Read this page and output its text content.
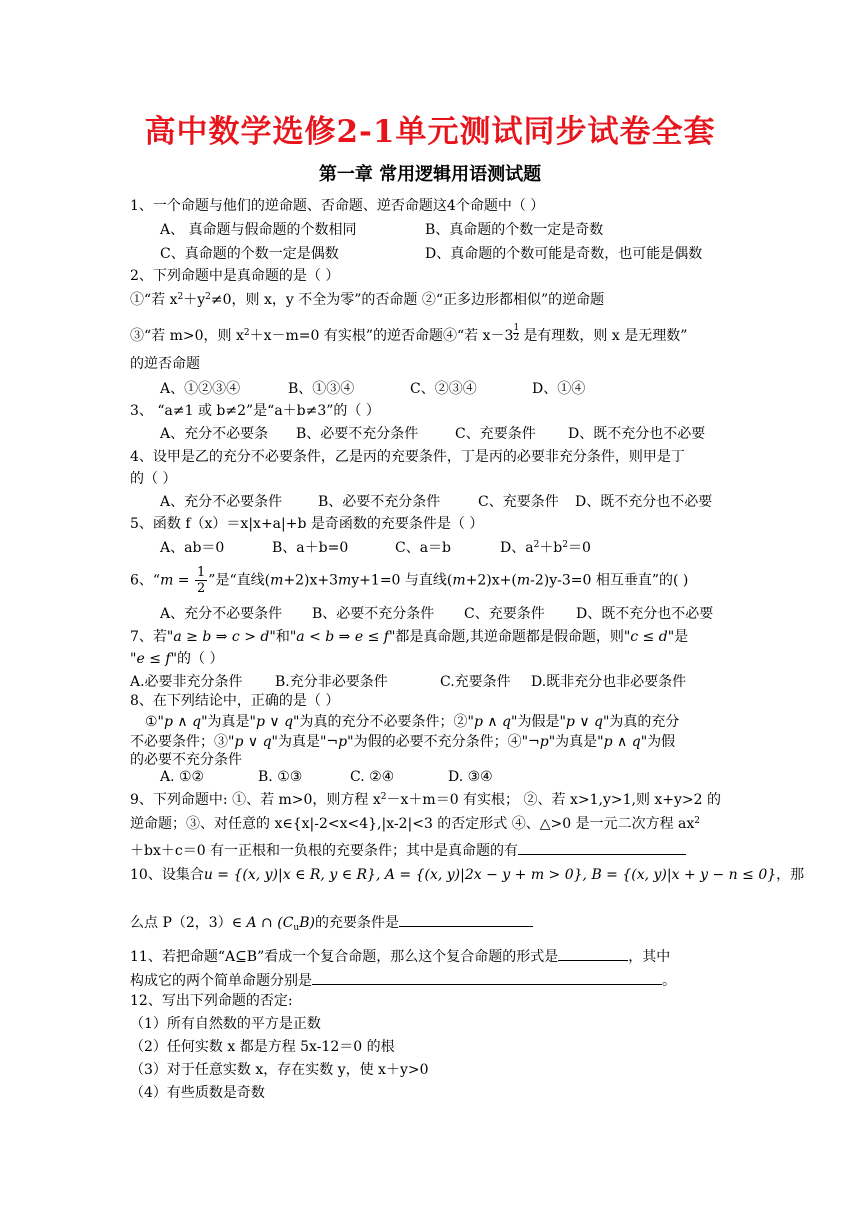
高中数学选修2-1单元测试同步试卷全套
第一章 常用逻辑用语测试题
1、一个命题与他们的逆命题、否命题、逆否命题这4个命题中（ ）
A、 真命题与假命题的个数相同	B、真命题的个数一定是奇数
C、真命题的个数一定是偶数	D、真命题的个数可能是奇数，也可能是偶数
2、下列命题中是真命题的是（ ）
①“若 $x^2+y^2\ne 0$，则 x，y 不全为零”的否命题 ②“正多边形都相似”的逆命题
③“若 m>0，则 $x^2+x-m=0$ 有实根”的逆否命题④“若 x－3 1
2 是有理数，则 x 是无理数”
的逆否命题
A、①②③④	B、①③④	C、②③④	D、①④
3、 “a≠1 或 b≠2”是“a＋b≠3”的（ ）
A、充分不必要条 B、必要不充分条件	C、充要条件 D、既不充分也不必要
4、设甲是乙的充分不必要条件，乙是丙的充要条件，丁是丙的必要非充分条件，则甲是丁
的（ ）
A、充分不必要条件	B、必要不充分条件	C、充要条件 D、既不充分也不必要
5、函数 f（x）＝x|x+a|+b 是奇函数的充要条件是（ ）
A、ab＝0	B、a＋b=0	C、a＝b	D、$a^2+b^2=0$
6、“$m = \frac{1}{2}$ ”是“直线(m+2)x+3my+1=0 与直线(m+2)x+(m-2)y-3=0 相互垂直”的( )
A、充分不必要条件 B、必要不充分条件 C、充要条件 D、既不充分也不必要
7、若"a ≥ b ⇒ c > d"和"a < b ⇒ e ≤ f"都是真命题,其逆命题都是假命题，则"c ≤ d"是
"e ≤ f"的（ ）
A.必要非充分条件 B.充分非必要条件	C.充要条件 D.既非充分也非必要条件
8、在下列结论中，正确的是（ ）
①"p ∧ q"为真是"p ∨ q"为真的充分不必要条件；②"p ∧ q"为假是"p ∨ q"为真的充分
不必要条件；③"p ∨ q"为真是"¬p"为假的必要不充分条件；④"¬p"为真是"p ∧ q"为假
的必要不充分条件
A. ①②	B. ①③	C. ②④	D. ③④
9、下列命题中: ①、若 m>0，则方程 $x^2-x+m=0$ 有实根； ②、若 x>1,y>1,则 x+y>2 的
逆命题；③、对任意的 x∈{x|-2<x<4},|x-2|<3 的否定形式 ④、△>0 是一元二次方程 $ax^2$
＋bx＋c＝0 有一正根和一负根的充要条件；其中是真命题的有
10、设集合u = {(x, y)|x ∈ R, y ∈ R}, A = {(x, y)|2x − y + m > 0}, B = {(x, y)|x + y − n ≤ 0}，那
么点 P（2，3）∈ A ∩ $(C_uB)$的充要条件是
11、若把命题“A⊆B”看成一个复合命题，那么这个复合命题的形式是	，其中
构成它的两个简单命题分别是	。
12、写出下列命题的否定:
（1）所有自然数的平方是正数
（2）任何实数 x 都是方程 5x-12＝0 的根
（3）对于任意实数 x，存在实数 y，使 x＋y>0
（4）有些质数是奇数
